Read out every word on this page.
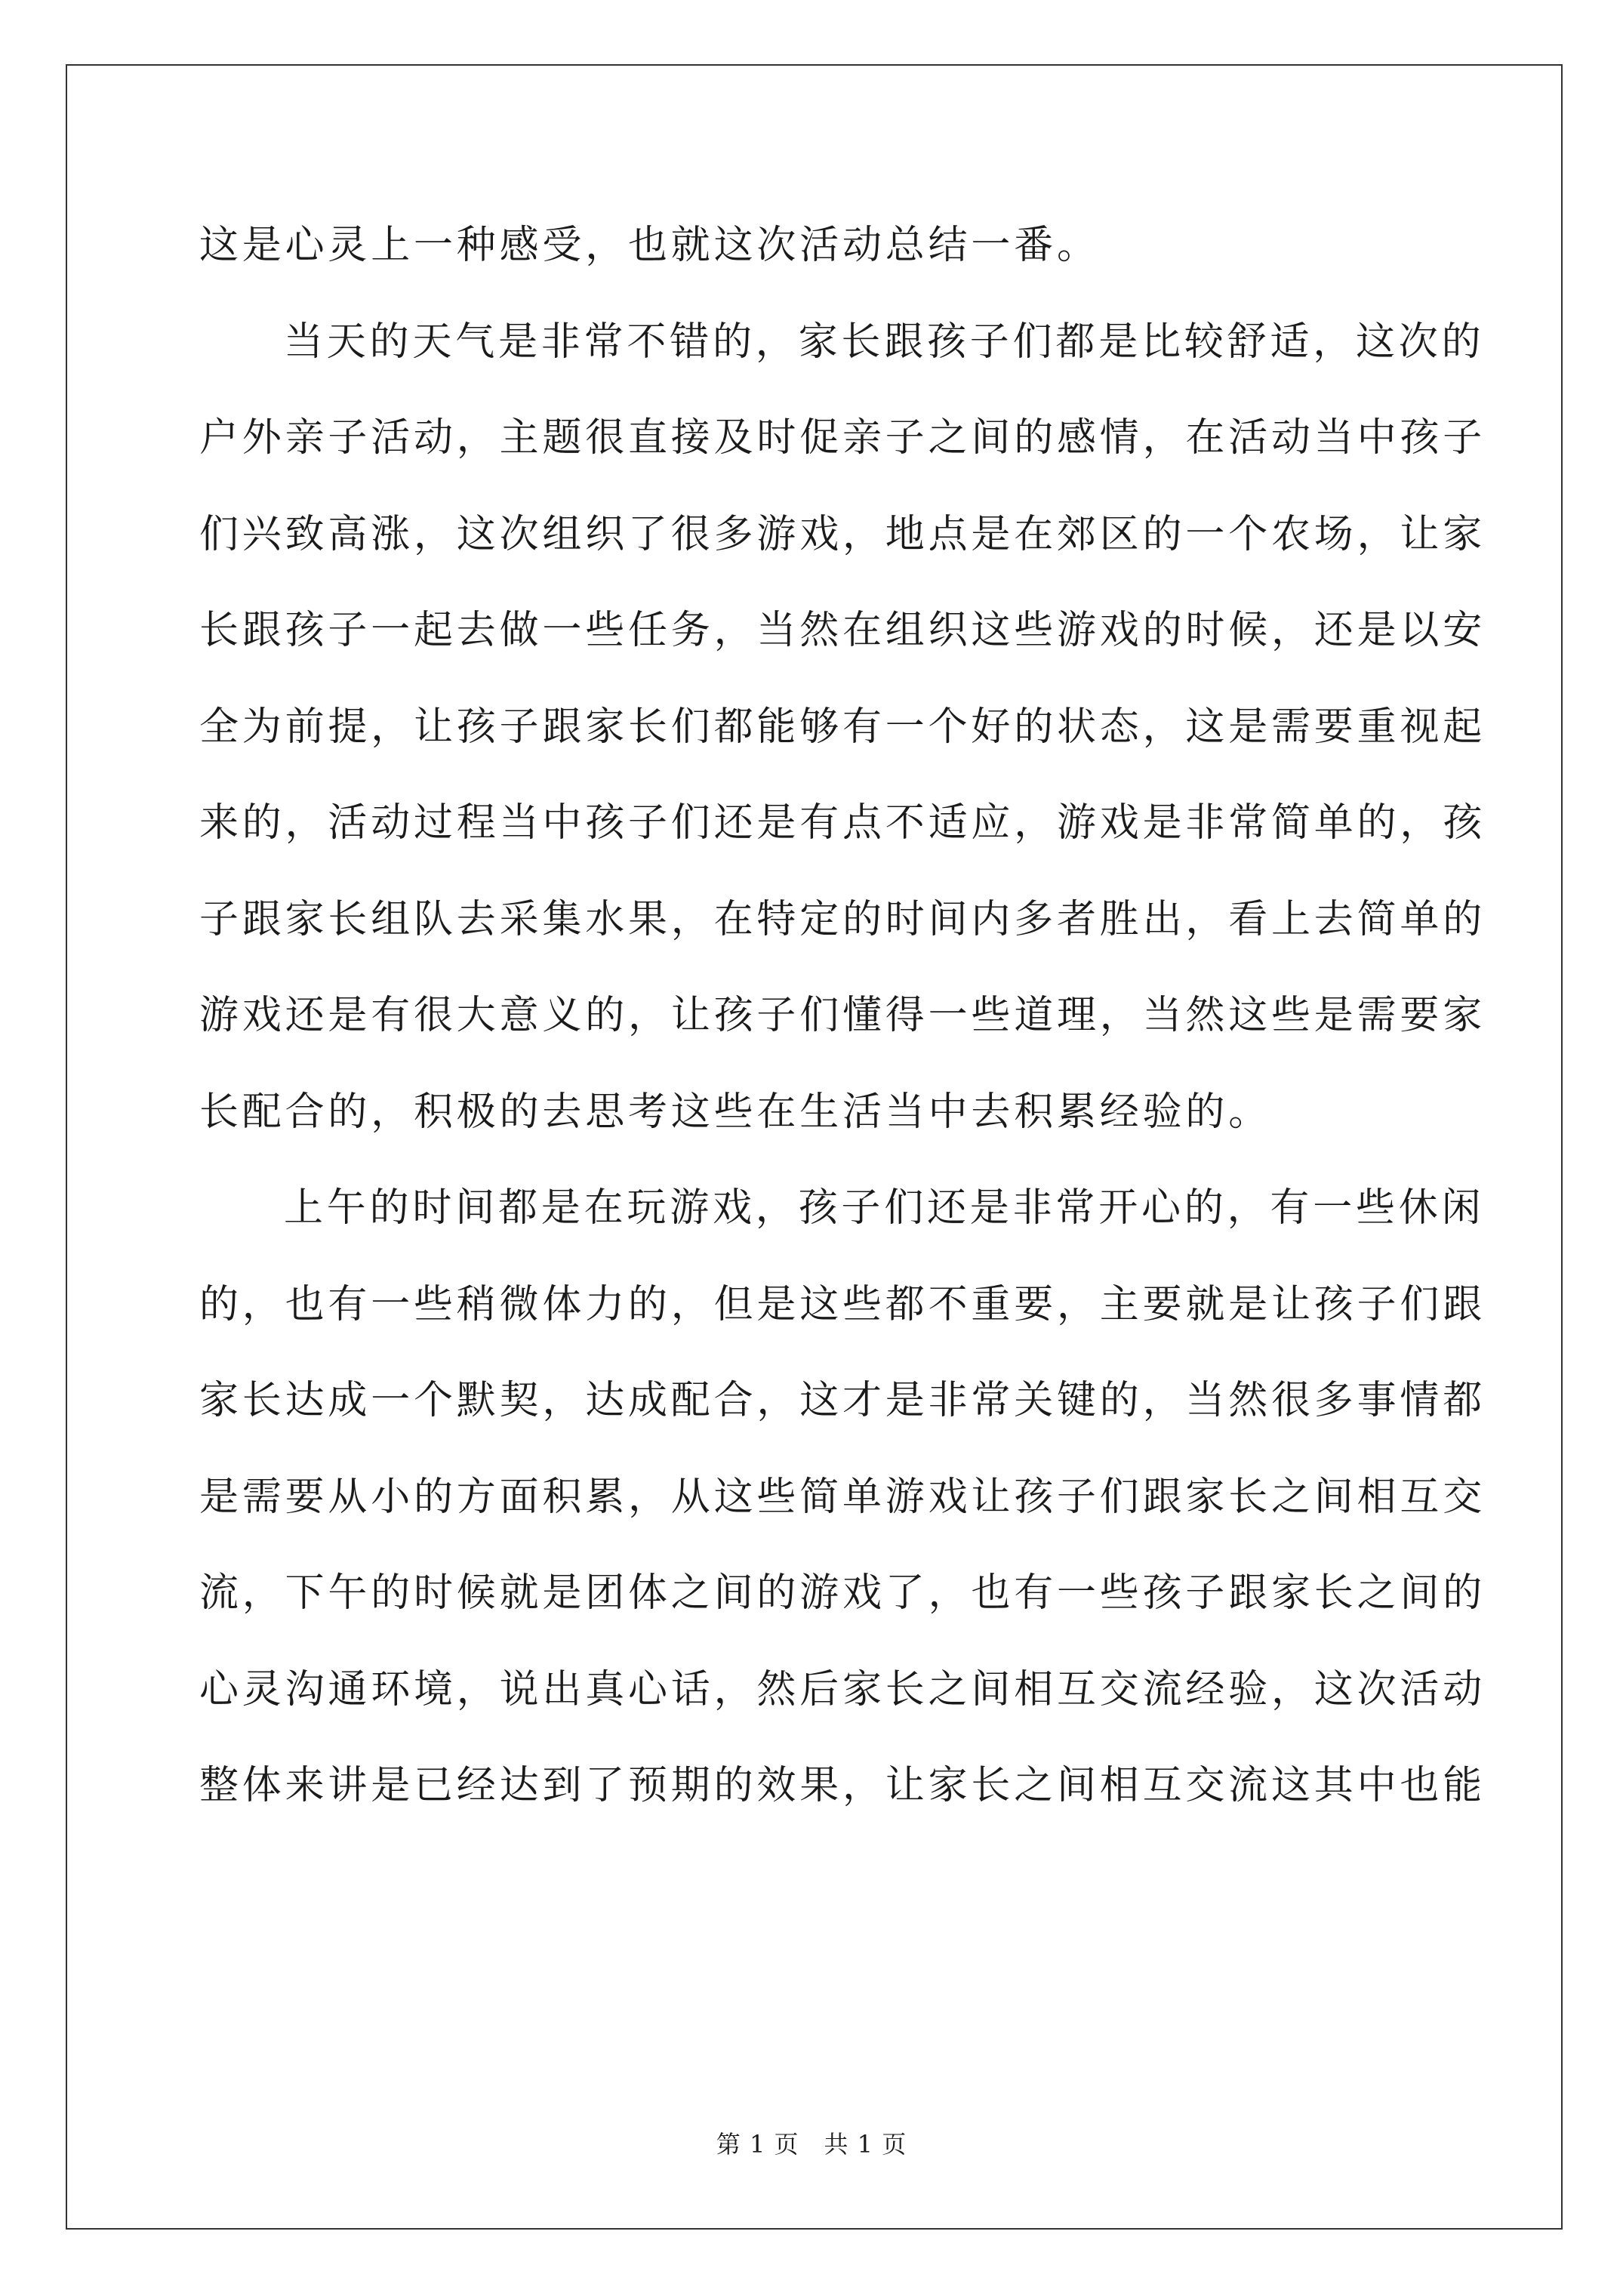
这是心灵上一种感受，也就这次活动总结一番。
当天的天气是非常不错的，家长跟孩子们都是比较舒适，这次的
户外亲子活动，主题很直接及时促亲子之间的感情，在活动当中孩子
们兴致高涨，这次组织了很多游戏，地点是在郊区的一个农场，让家
长跟孩子一起去做一些任务，当然在组织这些游戏的时候，还是以安
全为前提，让孩子跟家长们都能够有一个好的状态，这是需要重视起
来的，活动过程当中孩子们还是有点不适应，游戏是非常简单的，孩
子跟家长组队去采集水果，在特定的时间内多者胜出，看上去简单的
游戏还是有很大意义的，让孩子们懂得一些道理，当然这些是需要家
长配合的，积极的去思考这些在生活当中去积累经验的。
上午的时间都是在玩游戏，孩子们还是非常开心的，有一些休闲
的，也有一些稍微体力的，但是这些都不重要，主要就是让孩子们跟
家长达成一个默契，达成配合，这才是非常关键的，当然很多事情都
是需要从小的方面积累，从这些简单游戏让孩子们跟家长之间相互交
流，下午的时候就是团体之间的游戏了，也有一些孩子跟家长之间的
心灵沟通环境，说出真心话，然后家长之间相互交流经验，这次活动
整体来讲是已经达到了预期的效果，让家长之间相互交流这其中也能
第 1 页　共 1 页
